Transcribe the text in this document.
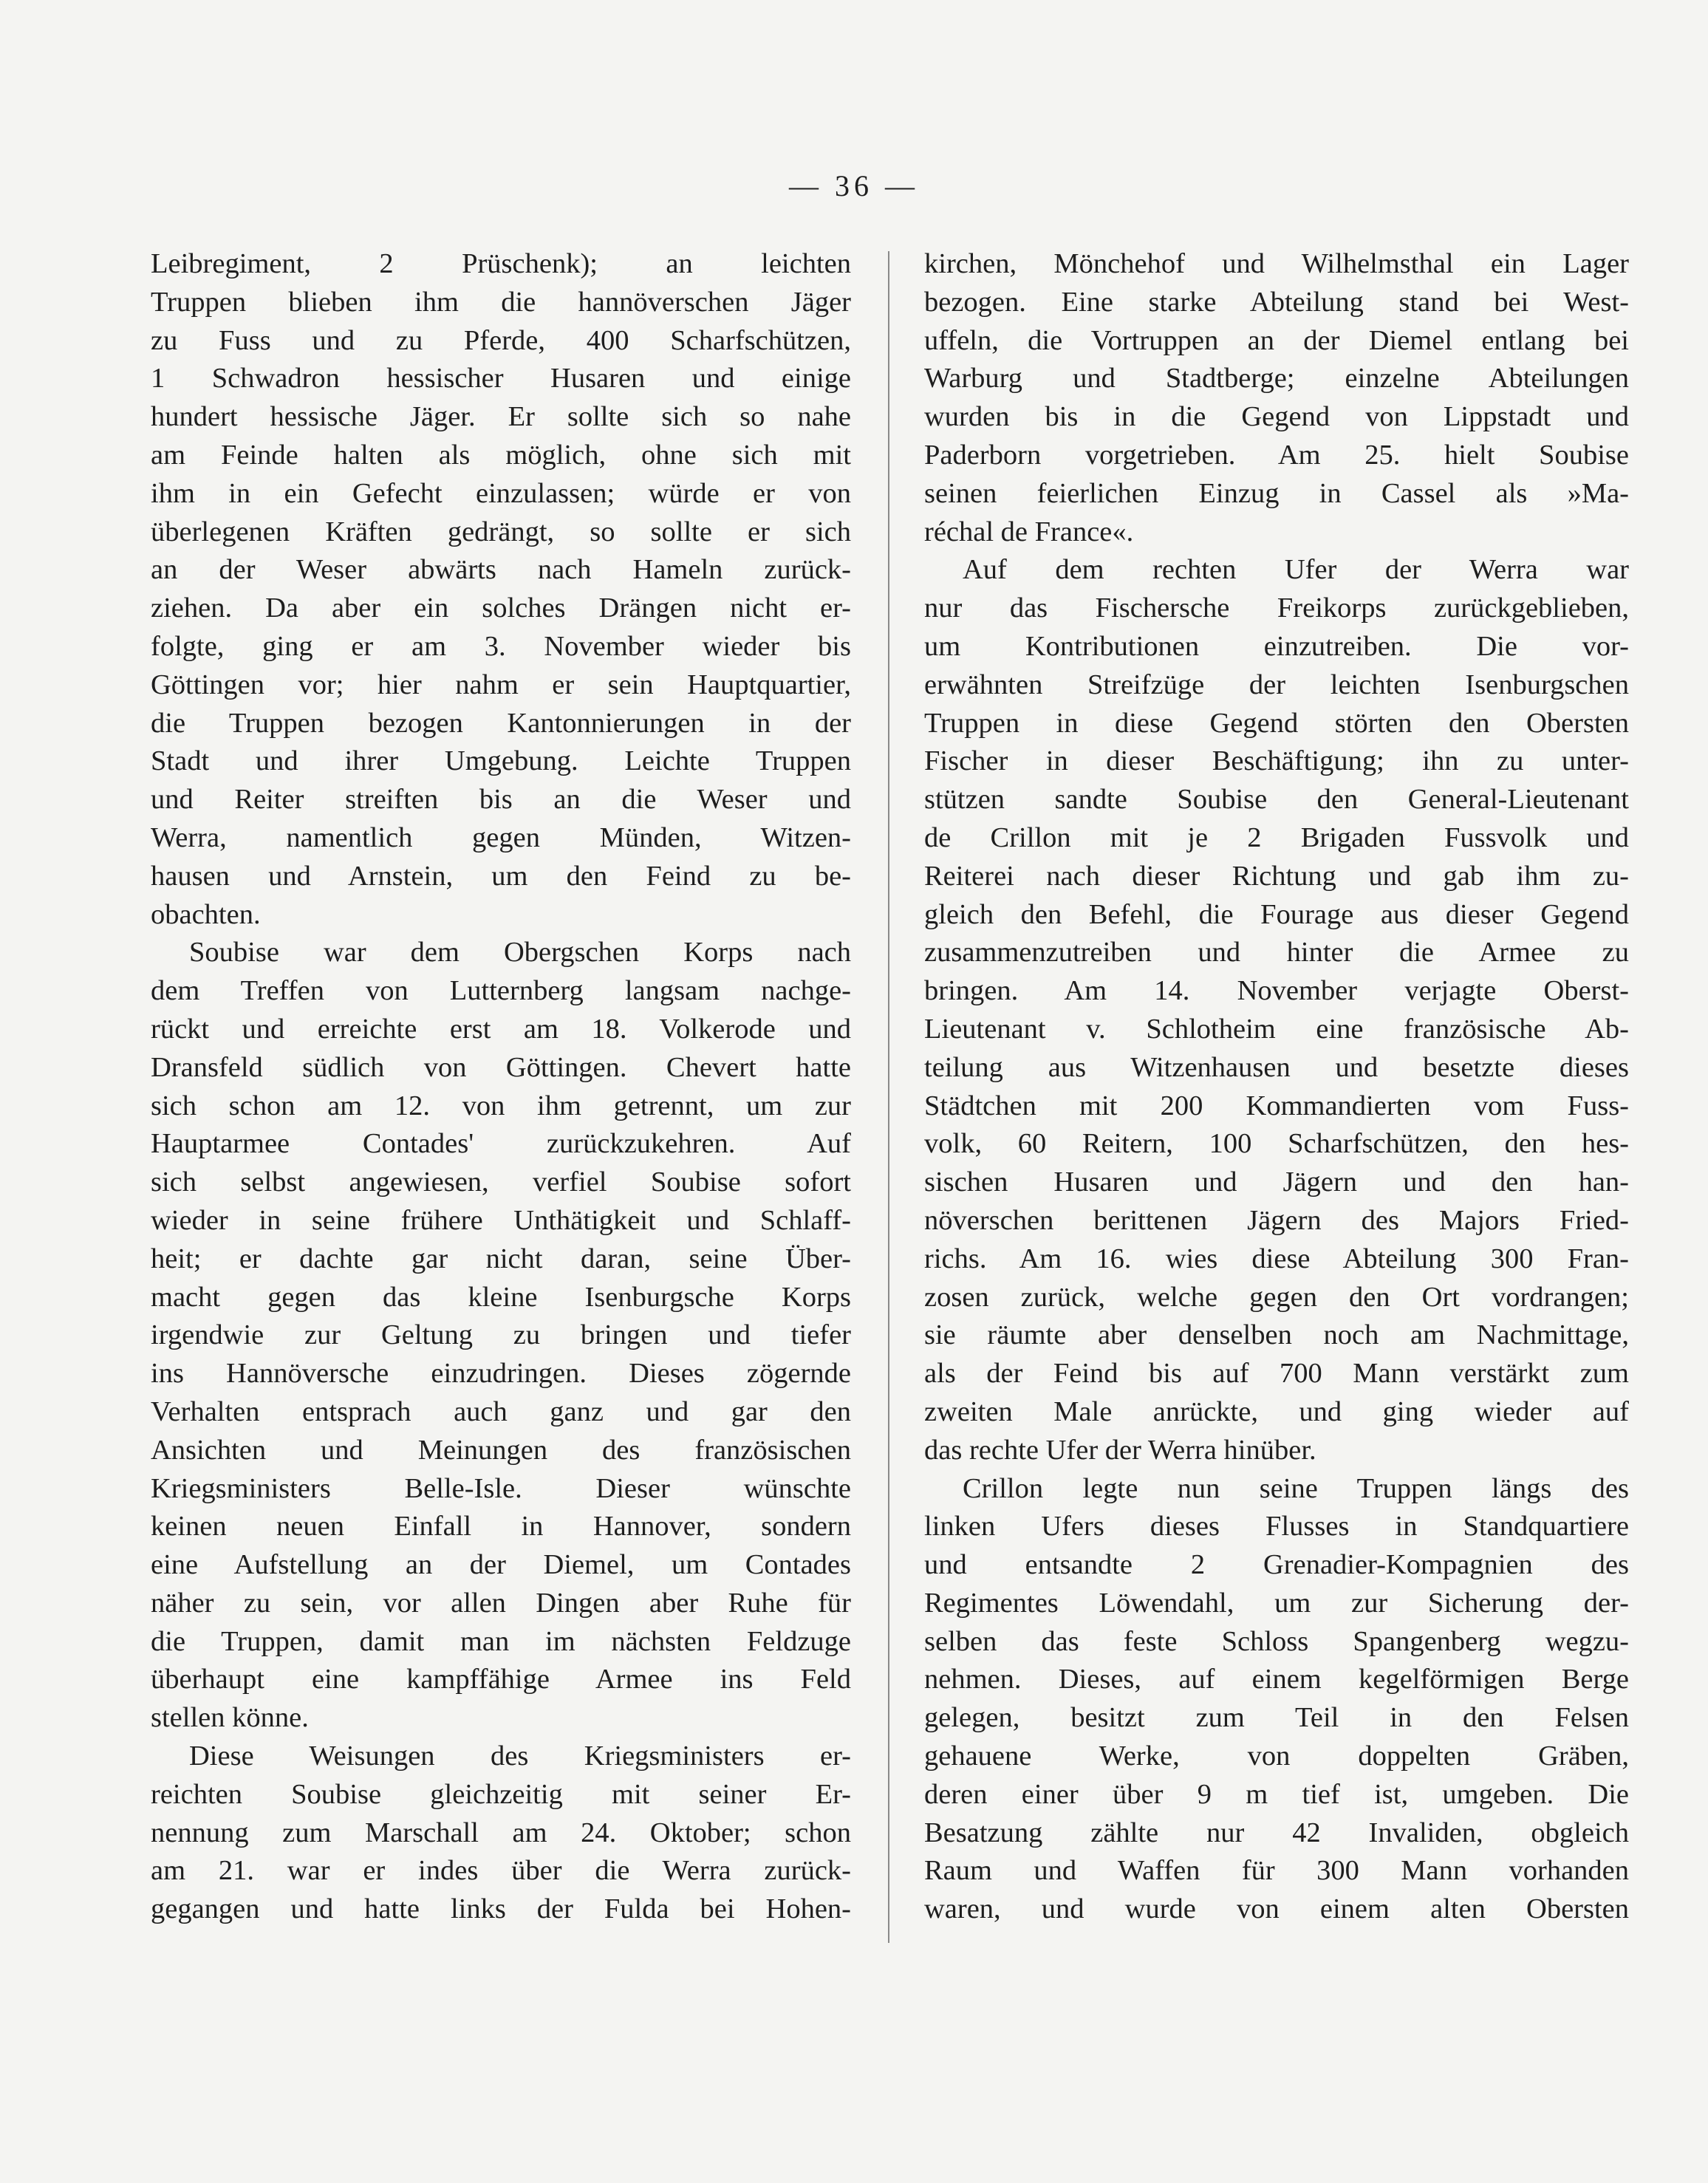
— 36 —
Leibregiment, 2 Prüschenk); an leichten
Truppen blieben ihm die hannöverschen Jäger
zu Fuss und zu Pferde, 400 Scharfschützen,
1 Schwadron hessischer Husaren und einige
hundert hessische Jäger. Er sollte sich so nahe
am Feinde halten als möglich, ohne sich mit
ihm in ein Gefecht einzulassen; würde er von
überlegenen Kräften gedrängt, so sollte er sich
an der Weser abwärts nach Hameln zurück-
ziehen. Da aber ein solches Drängen nicht er-
folgte, ging er am 3. November wieder bis
Göttingen vor; hier nahm er sein Hauptquartier,
die Truppen bezogen Kantonnierungen in der
Stadt und ihrer Umgebung. Leichte Truppen
und Reiter streiften bis an die Weser und
Werra, namentlich gegen Münden, Witzen-
hausen und Arnstein, um den Feind zu be-
obachten.
Soubise war dem Obergschen Korps nach
dem Treffen von Lutternberg langsam nachge-
rückt und erreichte erst am 18. Volkerode und
Dransfeld südlich von Göttingen. Chevert hatte
sich schon am 12. von ihm getrennt, um zur
Hauptarmee Contades' zurückzukehren. Auf
sich selbst angewiesen, verfiel Soubise sofort
wieder in seine frühere Unthätigkeit und Schlaff-
heit; er dachte gar nicht daran, seine Über-
macht gegen das kleine Isenburgsche Korps
irgendwie zur Geltung zu bringen und tiefer
ins Hannöversche einzudringen. Dieses zögernde
Verhalten entsprach auch ganz und gar den
Ansichten und Meinungen des französischen
Kriegsministers Belle-Isle. Dieser wünschte
keinen neuen Einfall in Hannover, sondern
eine Aufstellung an der Diemel, um Contades
näher zu sein, vor allen Dingen aber Ruhe für
die Truppen, damit man im nächsten Feldzuge
überhaupt eine kampffähige Armee ins Feld
stellen könne.
Diese Weisungen des Kriegsministers er-
reichten Soubise gleichzeitig mit seiner Er-
nennung zum Marschall am 24. Oktober; schon
am 21. war er indes über die Werra zurück-
gegangen und hatte links der Fulda bei Hohen-
kirchen, Mönchehof und Wilhelmsthal ein Lager
bezogen. Eine starke Abteilung stand bei West-
uffeln, die Vortruppen an der Diemel entlang bei
Warburg und Stadtberge; einzelne Abteilungen
wurden bis in die Gegend von Lippstadt und
Paderborn vorgetrieben. Am 25. hielt Soubise
seinen feierlichen Einzug in Cassel als »Ma-
réchal de France«.
Auf dem rechten Ufer der Werra war
nur das Fischersche Freikorps zurückgeblieben,
um Kontributionen einzutreiben. Die vor-
erwähnten Streifzüge der leichten Isenburgschen
Truppen in diese Gegend störten den Obersten
Fischer in dieser Beschäftigung; ihn zu unter-
stützen sandte Soubise den General-Lieutenant
de Crillon mit je 2 Brigaden Fussvolk und
Reiterei nach dieser Richtung und gab ihm zu-
gleich den Befehl, die Fourage aus dieser Gegend
zusammenzutreiben und hinter die Armee zu
bringen. Am 14. November verjagte Oberst-
Lieutenant v. Schlotheim eine französische Ab-
teilung aus Witzenhausen und besetzte dieses
Städtchen mit 200 Kommandierten vom Fuss-
volk, 60 Reitern, 100 Scharfschützen, den hes-
sischen Husaren und Jägern und den han-
növerschen berittenen Jägern des Majors Fried-
richs. Am 16. wies diese Abteilung 300 Fran-
zosen zurück, welche gegen den Ort vordrangen;
sie räumte aber denselben noch am Nachmittage,
als der Feind bis auf 700 Mann verstärkt zum
zweiten Male anrückte, und ging wieder auf
das rechte Ufer der Werra hinüber.
Crillon legte nun seine Truppen längs des
linken Ufers dieses Flusses in Standquartiere
und entsandte 2 Grenadier-Kompagnien des
Regimentes Löwendahl, um zur Sicherung der-
selben das feste Schloss Spangenberg wegzu-
nehmen. Dieses, auf einem kegelförmigen Berge
gelegen, besitzt zum Teil in den Felsen
gehauene Werke, von doppelten Gräben,
deren einer über 9 m tief ist, umgeben. Die
Besatzung zählte nur 42 Invaliden, obgleich
Raum und Waffen für 300 Mann vorhanden
waren, und wurde von einem alten Obersten
